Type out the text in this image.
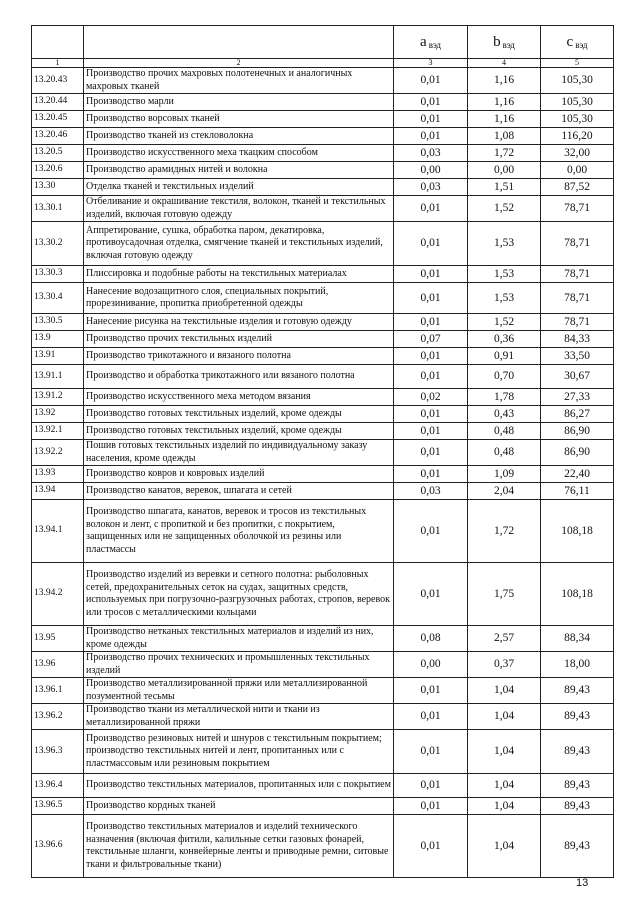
		a $_{вэд}$	b $_{вэд}$	c $_{вэд}$
1	2	3	4	5
13.20.43	Производство прочих махровых полотенечных и аналогичных махровых тканей	0,01	1,16	105,30
13.20.44	Производство марли	0,01	1,16	105,30
13.20.45	Производство ворсовых тканей	0,01	1,16	105,30
13.20.46	Производство тканей из стекловолокна	0,01	1,08	116,20
13.20.5	Производство искусственного меха ткацким способом	0,03	1,72	32,00
13.20.6	Производство арамидных нитей и волокна	0,00	0,00	0,00
13.30	Отделка тканей и текстильных изделий	0,03	1,51	87,52
13.30.1	Отбеливание и окрашивание текстиля, волокон, тканей и текстильных изделий, включая готовую одежду	0,01	1,52	78,71
13.30.2	Аппретирование, сушка, обработка паром, декатировка, противоусадочная отделка, смягчение тканей и текстильных изделий, включая готовую одежду	0,01	1,53	78,71
13.30.3	Плиссировка и подобные работы на текстильных материалах	0,01	1,53	78,71
13.30.4	Нанесение водозащитного слоя, специальных покрытий, прорезинивание, пропитка приобретенной одежды	0,01	1,53	78,71
13.30.5	Нанесение рисунка на текстильные изделия и готовую одежду	0,01	1,52	78,71
13.9	Производство прочих текстильных изделий	0,07	0,36	84,33
13.91	Производство трикотажного и вязаного полотна	0,01	0,91	33,50
13.91.1	Производство и обработка трикотажного или вязаного полотна	0,01	0,70	30,67
13.91.2	Производство искусственного меха методом вязания	0,02	1,78	27,33
13.92	Производство готовых текстильных изделий, кроме одежды	0,01	0,43	86,27
13.92.1	Производство готовых текстильных изделий, кроме одежды	0,01	0,48	86,90
13.92.2	Пошив готовых текстильных изделий по индивидуальному заказу населения, кроме одежды	0,01	0,48	86,90
13.93	Производство ковров и ковровых изделий	0,01	1,09	22,40
13.94	Производство канатов, веревок, шпагата и сетей	0,03	2,04	76,11
13.94.1	Производство шпагата, канатов, веревок и тросов из текстильных волокон и лент, с пропиткой и без пропитки, с покрытием, защищенных или не защищенных оболочкой из резины или пластмассы	0,01	1,72	108,18
13.94.2	Производство изделий из веревки и сетного полотна: рыболовных сетей, предохранительных сеток на судах, защитных средств, используемых при погрузочно-разгрузочных работах, стропов, веревок или тросов с металлическими кольцами	0,01	1,75	108,18
13.95	Производство нетканых текстильных материалов и изделий из них, кроме одежды	0,08	2,57	88,34
13.96	Производство прочих технических и промышленных текстильных изделий	0,00	0,37	18,00
13.96.1	Производство металлизированной пряжи или металлизированной позументной тесьмы	0,01	1,04	89,43
13.96.2	Производство ткани из металлической нити и ткани из металлизированной пряжи	0,01	1,04	89,43
13.96.3	Производство резиновых нитей и шнуров с текстильным покрытием; производство текстильных нитей и лент, пропитанных или с пластмассовым или резиновым покрытием	0,01	1,04	89,43
13.96.4	Производство текстильных материалов, пропитанных или с покрытием	0,01	1,04	89,43
13.96.5	Производство кордных тканей	0,01	1,04	89,43
13.96.6	Производство текстильных материалов и изделий технического назначения (включая фитили, калильные сетки газовых фонарей, текстильные шланги, конвейерные ленты и приводные ремни, ситовые ткани и фильтровальные ткани)	0,01	1,04	89,43
13
